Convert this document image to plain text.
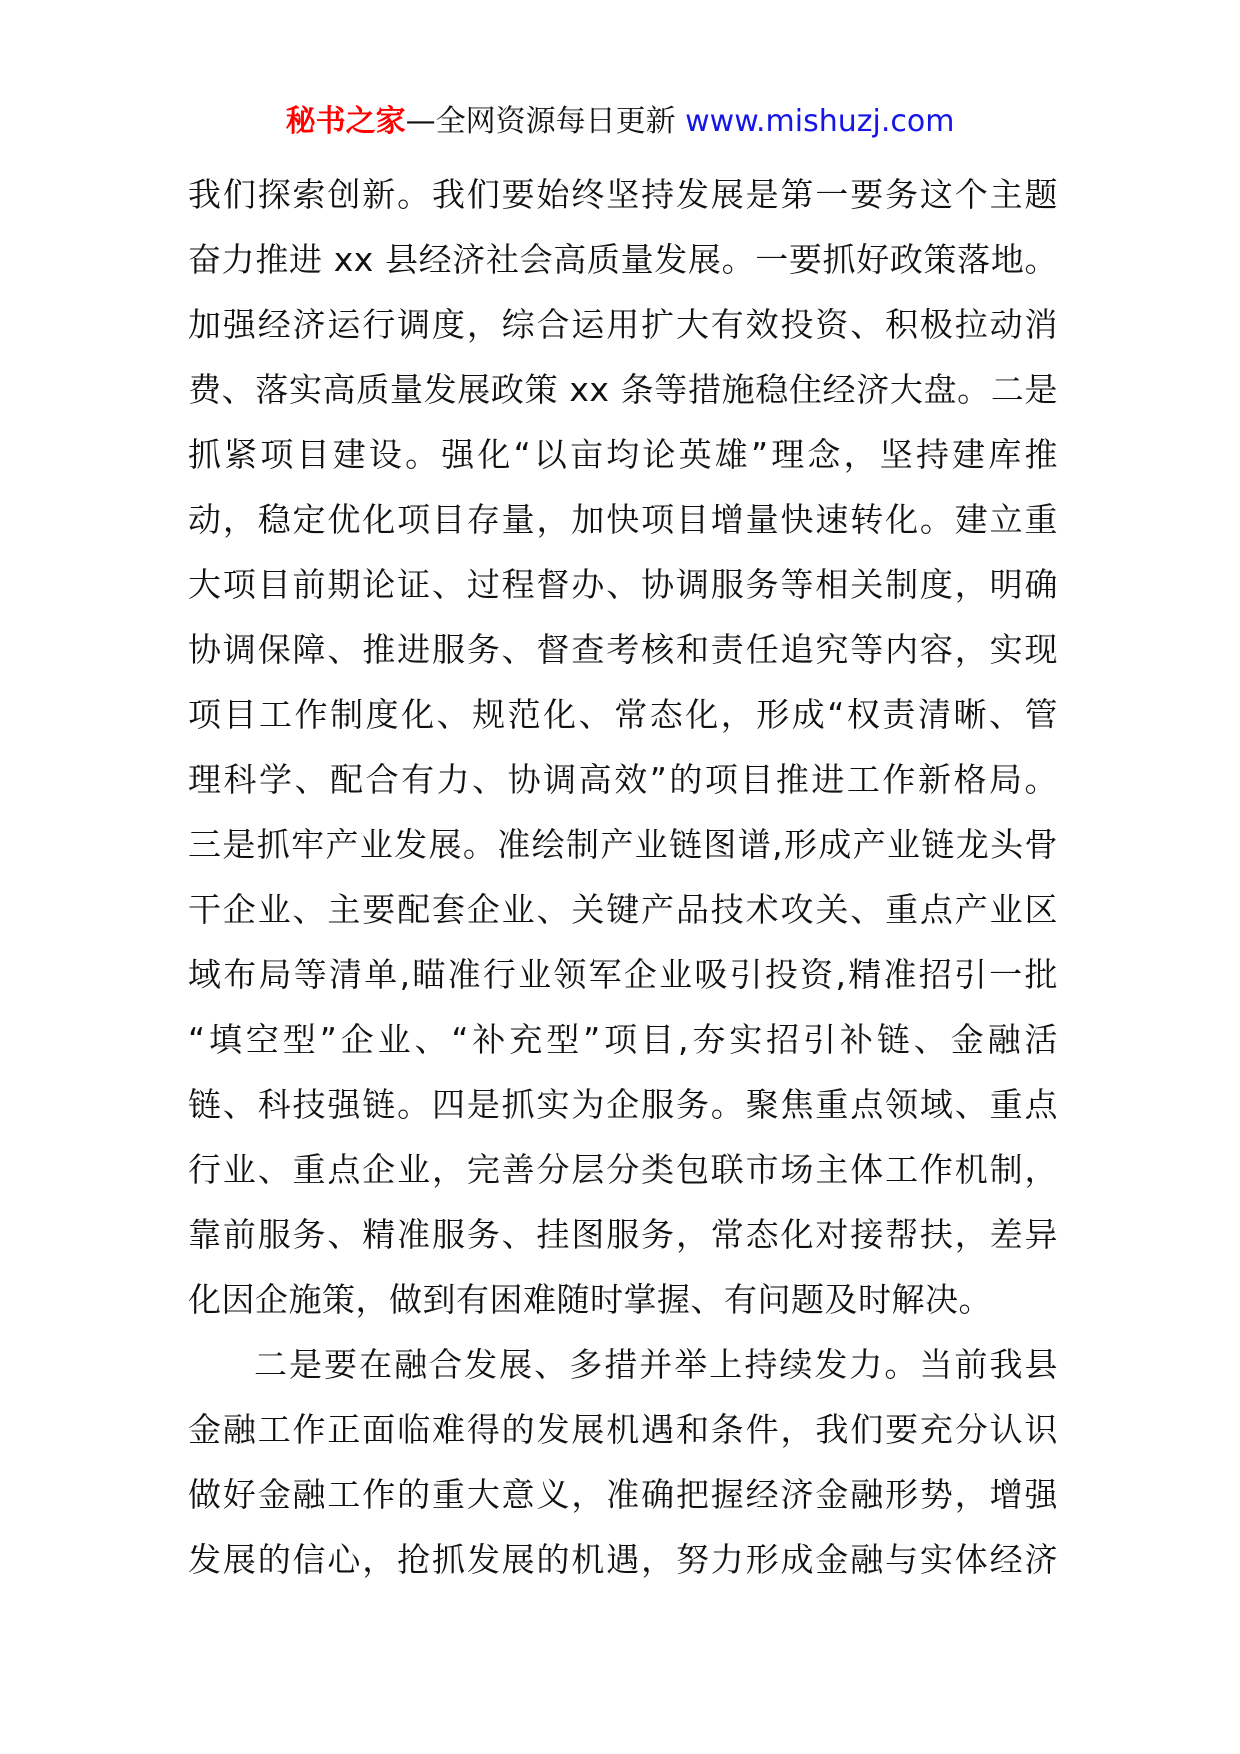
秘书之家—全网资源每日更新 www.mishuzj.com
我们探索创新。我们要始终坚持发展是第一要务这个主题
奋力推进 xx 县经济社会高质量发展。一要抓好政策落地。
加强经济运行调度，综合运用扩大有效投资、积极拉动消
费、落实高质量发展政策 xx 条等措施稳住经济大盘。二是
抓紧项目建设。强化“以亩均论英雄”理念，坚持建库推
动，稳定优化项目存量，加快项目增量快速转化。建立重
大项目前期论证、过程督办、协调服务等相关制度，明确
协调保障、推进服务、督查考核和责任追究等内容，实现
项目工作制度化、规范化、常态化，形成“权责清晰、管
理科学、配合有力、协调高效”的项目推进工作新格局。
三是抓牢产业发展。准绘制产业链图谱,形成产业链龙头骨
干企业、主要配套企业、关键产品技术攻关、重点产业区
域布局等清单,瞄准行业领军企业吸引投资,精准招引一批
“填空型”企业、“补充型”项目,夯实招引补链、金融活
链、科技强链。四是抓实为企服务。聚焦重点领域、重点
行业、重点企业，完善分层分类包联市场主体工作机制，
靠前服务、精准服务、挂图服务，常态化对接帮扶，差异
化因企施策，做到有困难随时掌握、有问题及时解决。
二是要在融合发展、多措并举上持续发力。当前我县
金融工作正面临难得的发展机遇和条件，我们要充分认识
做好金融工作的重大意义，准确把握经济金融形势，增强
发展的信心，抢抓发展的机遇，努力形成金融与实体经济
